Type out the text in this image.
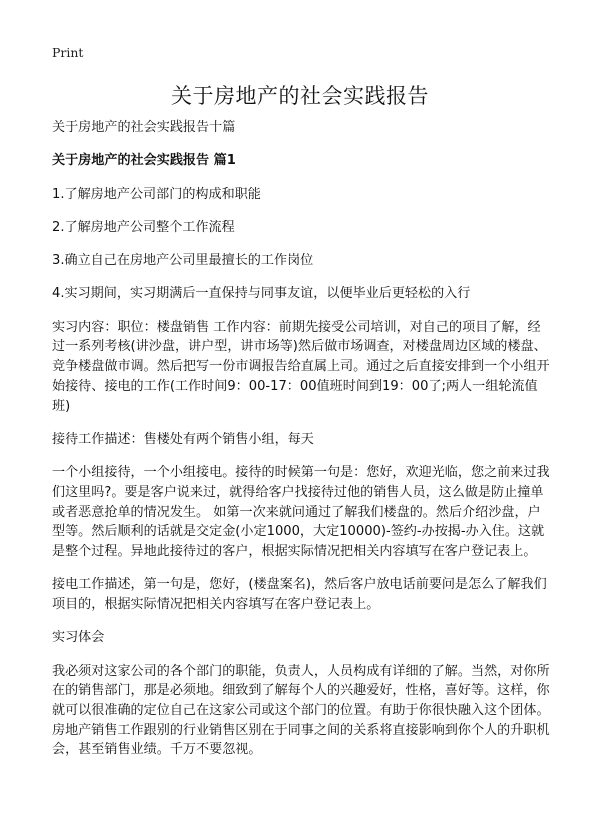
Print
关于房地产的社会实践报告

关于房地产的社会实践报告十篇

关于房地产的社会实践报告 篇1

1.了解房地产公司部门的构成和职能

2.了解房地产公司整个工作流程

3.确立自己在房地产公司里最擅长的工作岗位

4.实习期间，实习期满后一直保持与同事友谊，以便毕业后更轻松的入行

实习内容：职位：楼盘销售 工作内容：前期先接受公司培训，对自己的项目了解，经过一系列考核(讲沙盘，讲户型，讲市场等)然后做市场调查，对楼盘周边区域的楼盘、竞争楼盘做市调。然后把写一份市调报告给直属上司。通过之后直接安排到一个小组开始接待、接电的工作(工作时间9：00-17：00值班时间到19：00了;两人一组轮流值班)

接待工作描述：售楼处有两个销售小组，每天

一个小组接待，一个小组接电。接待的时候第一句是：您好，欢迎光临，您之前来过我们这里吗?。要是客户说来过，就得给客户找接待过他的销售人员，这么做是防止撞单或者恶意抢单的情况发生。 如第一次来就问通过了解我们楼盘的。然后介绍沙盘，户型等。然后顺利的话就是交定金(小定1000，大定10000)-签约-办按揭-办入住。这就是整个过程。异地此接待过的客户，根据实际情况把相关内容填写在客户登记表上。

接电工作描述，第一句是，您好，(楼盘案名)，然后客户放电话前要问是怎么了解我们项目的，根据实际情况把相关内容填写在客户登记表上。

实习体会

我必须对这家公司的各个部门的职能，负责人，人员构成有详细的了解。当然，对你所在的销售部门，那是必须地。细致到了解每个人的兴趣爱好，性格，喜好等。这样，你就可以很准确的定位自己在这家公司或这个部门的位置。有助于你很快融入这个团体。房地产销售工作跟别的行业销售区别在于同事之间的关系将直接影响到你个人的升职机会，甚至销售业绩。千万不要忽视。
